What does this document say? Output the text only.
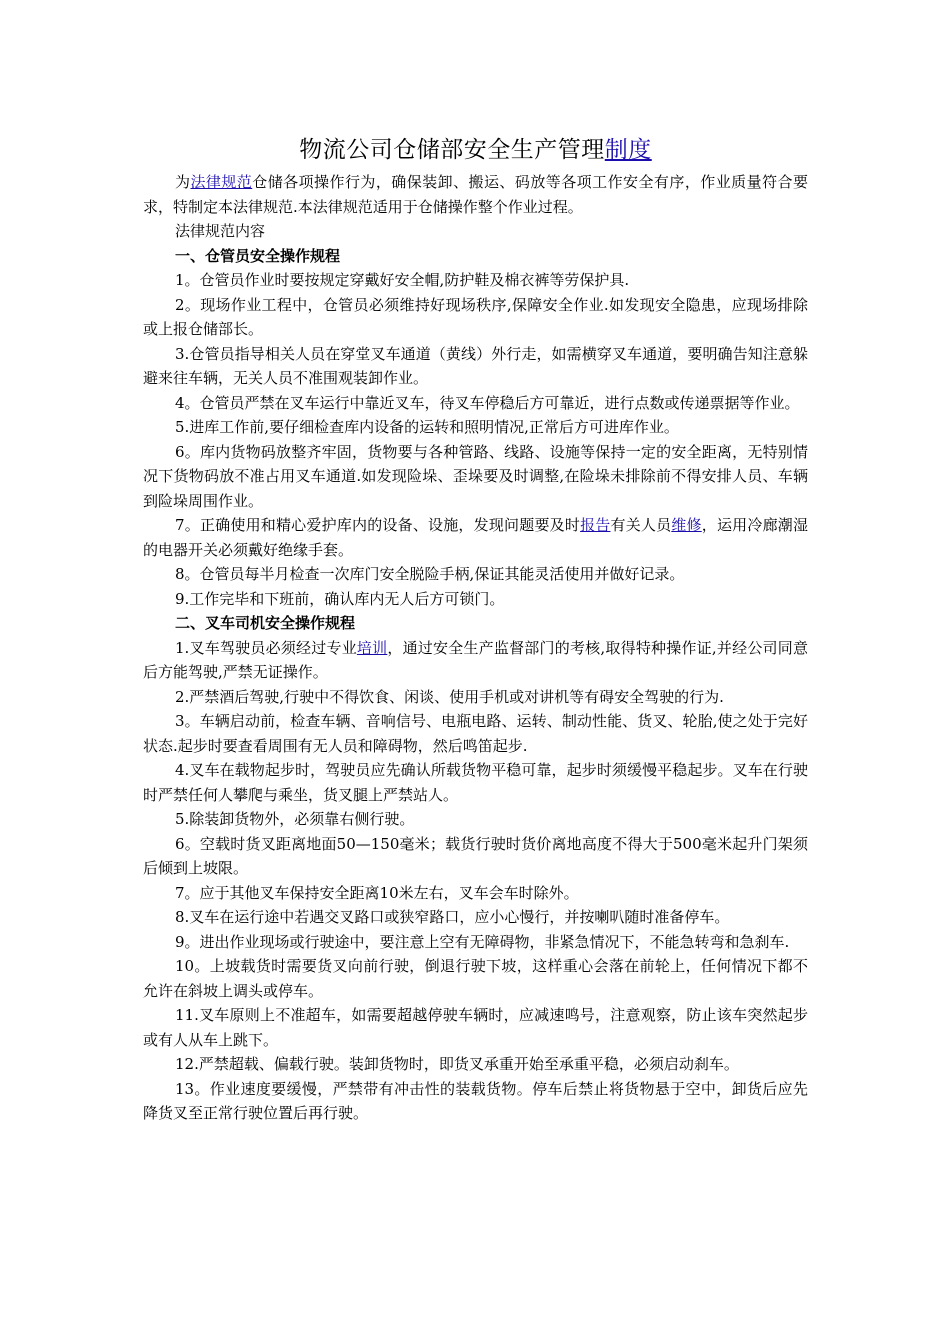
物流公司仓储部安全生产管理制度

为法律规范仓储各项操作行为，确保装卸、搬运、码放等各项工作安全有序，作业质量符合要求，特制定本法律规范.本法律规范适用于仓储操作整个作业过程。

法律规范内容

一、仓管员安全操作规程

1。仓管员作业时要按规定穿戴好安全帽,防护鞋及棉衣裤等劳保护具.

2。现场作业工程中，仓管员必须维持好现场秩序,保障安全作业.如发现安全隐患，应现场排除或上报仓储部长。

3.仓管员指导相关人员在穿堂叉车通道（黄线）外行走，如需横穿叉车通道，要明确告知注意躲避来往车辆，无关人员不准围观装卸作业。

4。仓管员严禁在叉车运行中靠近叉车，待叉车停稳后方可靠近，进行点数或传递票据等作业。

5.进库工作前,要仔细检查库内设备的运转和照明情况,正常后方可进库作业。

6。库内货物码放整齐牢固，货物要与各种管路、线路、设施等保持一定的安全距离，无特别情况下货物码放不准占用叉车通道.如发现险垛、歪垛要及时调整,在险垛未排除前不得安排人员、车辆到险垛周围作业。

7。正确使用和精心爱护库内的设备、设施，发现问题要及时报告有关人员维修，运用冷廊潮湿的电器开关必须戴好绝缘手套。

8。仓管员每半月检查一次库门安全脱险手柄,保证其能灵活使用并做好记录。

9.工作完毕和下班前，确认库内无人后方可锁门。

二、叉车司机安全操作规程

1.叉车驾驶员必须经过专业培训，通过安全生产监督部门的考核,取得特种操作证,并经公司同意后方能驾驶,严禁无证操作。

2.严禁酒后驾驶,行驶中不得饮食、闲谈、使用手机或对讲机等有碍安全驾驶的行为.

3。车辆启动前，检查车辆、音响信号、电瓶电路、运转、制动性能、货叉、轮胎,使之处于完好状态.起步时要查看周围有无人员和障碍物，然后鸣笛起步.

4.叉车在载物起步时，驾驶员应先确认所载货物平稳可靠，起步时须缓慢平稳起步。叉车在行驶时严禁任何人攀爬与乘坐，货叉腿上严禁站人。

5.除装卸货物外，必须靠右侧行驶。

6。空载时货叉距离地面50—150毫米；载货行驶时货价离地高度不得大于500毫米起升门架须后倾到上坡限。

7。应于其他叉车保持安全距离10米左右，叉车会车时除外。

8.叉车在运行途中若遇交叉路口或狭窄路口，应小心慢行，并按喇叭随时准备停车。

9。进出作业现场或行驶途中，要注意上空有无障碍物，非紧急情况下，不能急转弯和急刹车.

10。上坡载货时需要货叉向前行驶，倒退行驶下坡，这样重心会落在前轮上，任何情况下都不允许在斜坡上调头或停车。

11.叉车原则上不准超车，如需要超越停驶车辆时，应减速鸣号，注意观察，防止该车突然起步或有人从车上跳下。

12.严禁超载、偏载行驶。装卸货物时，即货叉承重开始至承重平稳，必须启动刹车。

13。作业速度要缓慢，严禁带有冲击性的装载货物。停车后禁止将货物悬于空中，卸货后应先降货叉至正常行驶位置后再行驶。
